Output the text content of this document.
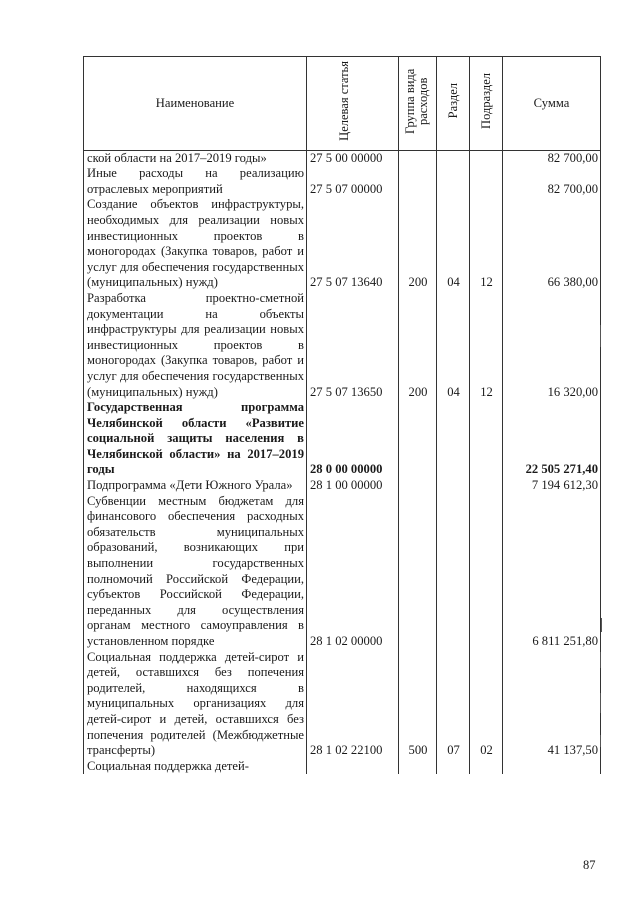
Наименование	Целевая статья	Группа вида расходов	Раздел	Подраздел	Сумма
ской области на 2017–2019 годы»	27 5 00 00000				82 700,00
Иные расходы на реализацию отраслевых мероприятий	27 5 07 00000				82 700,00
Создание объектов инфраструктуры, необходимых для реализации новых инвестиционных проектов в моногородах (Закупка товаров, работ и услуг для обеспечения государственных (муниципальных) нужд)	27 5 07 13640	200	04	12	66 380,00
Разработка проектно-сметной документации на объекты инфраструктуры для реализации новых инвестиционных проектов в моногородах (Закупка товаров, работ и услуг для обеспечения государственных (муниципальных) нужд)	27 5 07 13650	200	04	12	16 320,00
Государственная программа Челябинской области «Развитие социальной защиты населения в Челябинской области» на 2017–2019 годы	28 0 00 00000				22 505 271,40
Подпрограмма «Дети Южного Урала»	28 1 00 00000				7 194 612,30
Субвенции местным бюджетам для финансового обеспечения расходных обязательств муниципальных образований, возникающих при выполнении государственных полномочий Российской Федерации, субъектов Российской Федерации, переданных для осуществления органам местного самоуправления в установленном порядке	28 1 02 00000				6 811 251,80
Социальная поддержка детей-сирот и детей, оставшихся без попечения родителей, находящихся в муниципальных организациях для детей-сирот и детей, оставшихся без попечения родителей (Межбюджетные трансферты)	28 1 02 22100	500	07	02	41 137,50
Социальная поддержка детей-					
87
